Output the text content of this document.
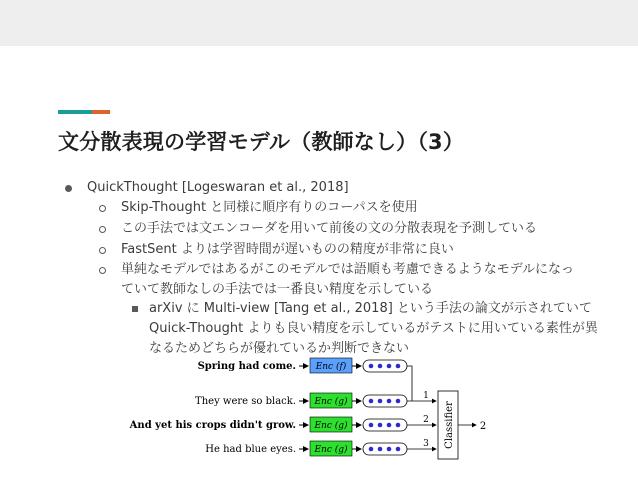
文分散表現の学習モデル（教師なし）（3）
QuickThought [Logeswaran et al., 2018]
Skip-Thought と同様に順序有りのコーパスを使用
この手法では文エンコーダを用いて前後の文の分散表現を予測している
FastSent よりは学習時間が遅いものの精度が非常に良い
単純なモデルではあるがこのモデルでは語順も考慮できるようなモデルになっ
ていて教師なしの手法では一番良い精度を示している
arXiv に Multi-view [Tang et al., 2018] という手法の論文が示されていて
Quick-Thought よりも良い精度を示しているがテストに用いている素性が異
なるためどちらが優れているか判断できない
Spring had come. Enc (f)
They were so black. Enc (g)
And yet his crops didn't grow. Enc (g)
He had blue eyes. Enc (g)
1
2
3 Classifier 2
